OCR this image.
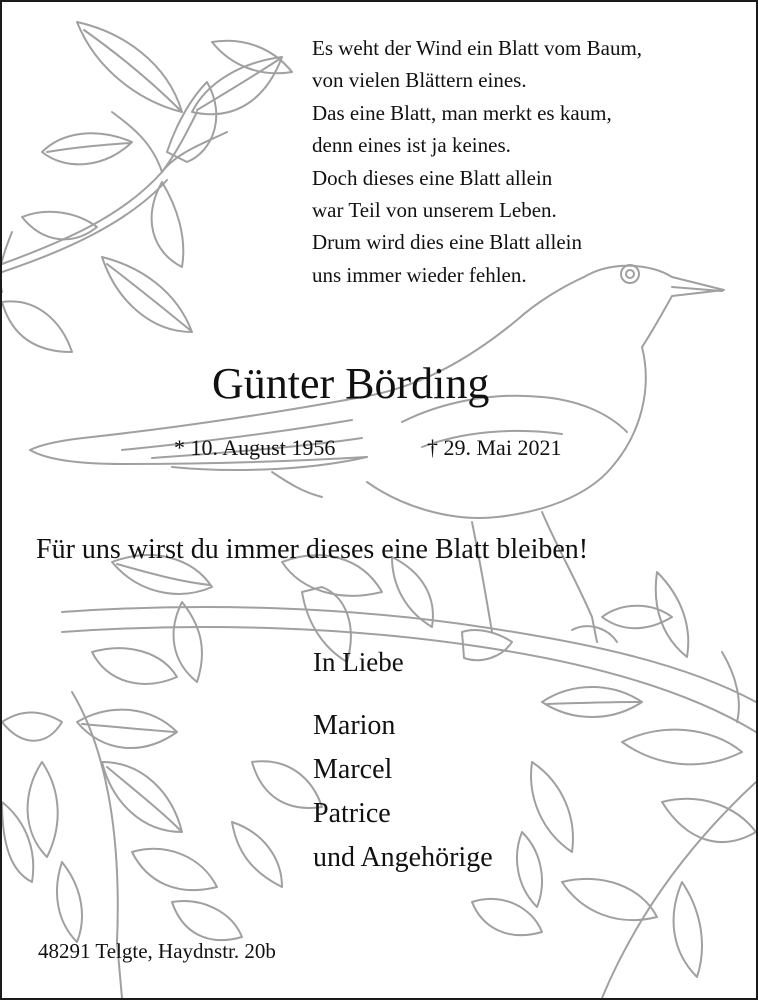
Es weht der Wind ein Blatt vom Baum,
von vielen Blättern eines.
Das eine Blatt, man merkt es kaum,
denn eines ist ja keines.
Doch dieses eine Blatt allein
war Teil von unserem Leben.
Drum wird dies eine Blatt allein
uns immer wieder fehlen.
Günter Börding
* 10. August 1956	† 29. Mai 2021
Für uns wirst du immer dieses eine Blatt bleiben!
In Liebe
Marion
Marcel
Patrice
und Angehörige
48291 Telgte, Haydnstr. 20b
